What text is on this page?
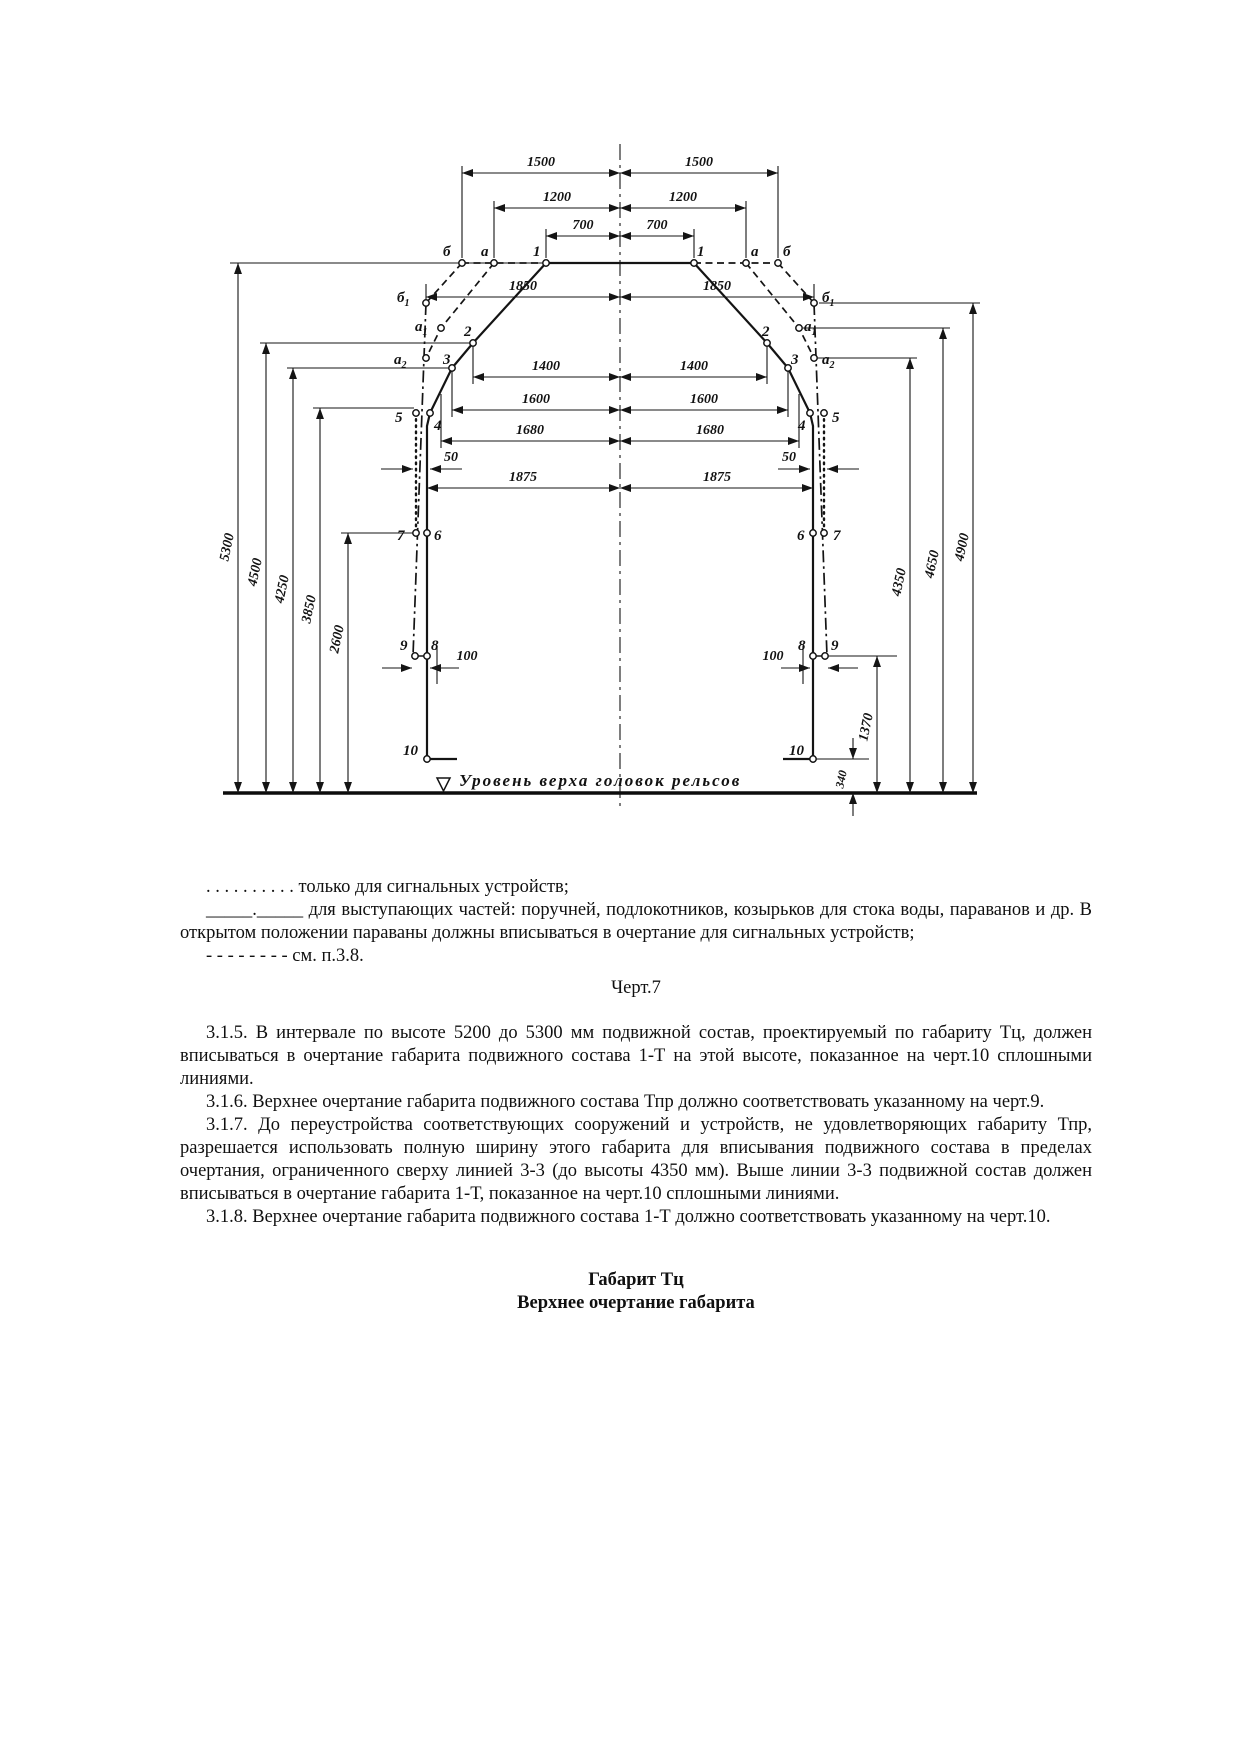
Уровень верха головок рельсов
1500	1500
1200	1200
700	700
1850	1850
1400	1400
1600	1600
1680	1680
50	50
1875	1875
100	100
5300
4500
4250
3850
2600
4350
4650
4900
1370
340
б а	1	1	а б
$б_1$	$б_1$
$а_1$	$а_1$
2	2
$а_2$	$а_2$
3	3
5	5
4	4
7	7
6	6
9	9
8	8
10	10

. . . . . . . . . . только для сигнальных устройств;

_____._____ для выступающих частей: поручней, подлокотников, козырьков для стока воды, параванов и др. В открытом положении параваны должны вписываться в очертание для сигнальных устройств;

- - - - - - - - см. п.3.8.

Черт.7

3.1.5. В интервале по высоте 5200 до 5300 мм подвижной состав, проектируемый по габариту Тц, должен вписываться в очертание габарита подвижного состава 1-Т на этой высоте, показанное на черт.10 сплошными линиями.

3.1.6. Верхнее очертание габарита подвижного состава Тпр должно соответствовать указанному на черт.9.

3.1.7. До переустройства соответствующих сооружений и устройств, не удовлетворяющих габариту Тпр, разрешается использовать полную ширину этого габарита для вписывания подвижного состава в пределах очертания, ограниченного сверху линией 3-3 (до высоты 4350 мм). Выше линии 3-3 подвижной состав должен вписываться в очертание габарита 1-Т, показанное на черт.10 сплошными линиями.

3.1.8. Верхнее очертание габарита подвижного состава 1-Т должно соответствовать указанному на черт.10.

Габарит Тц
Верхнее очертание габарита
